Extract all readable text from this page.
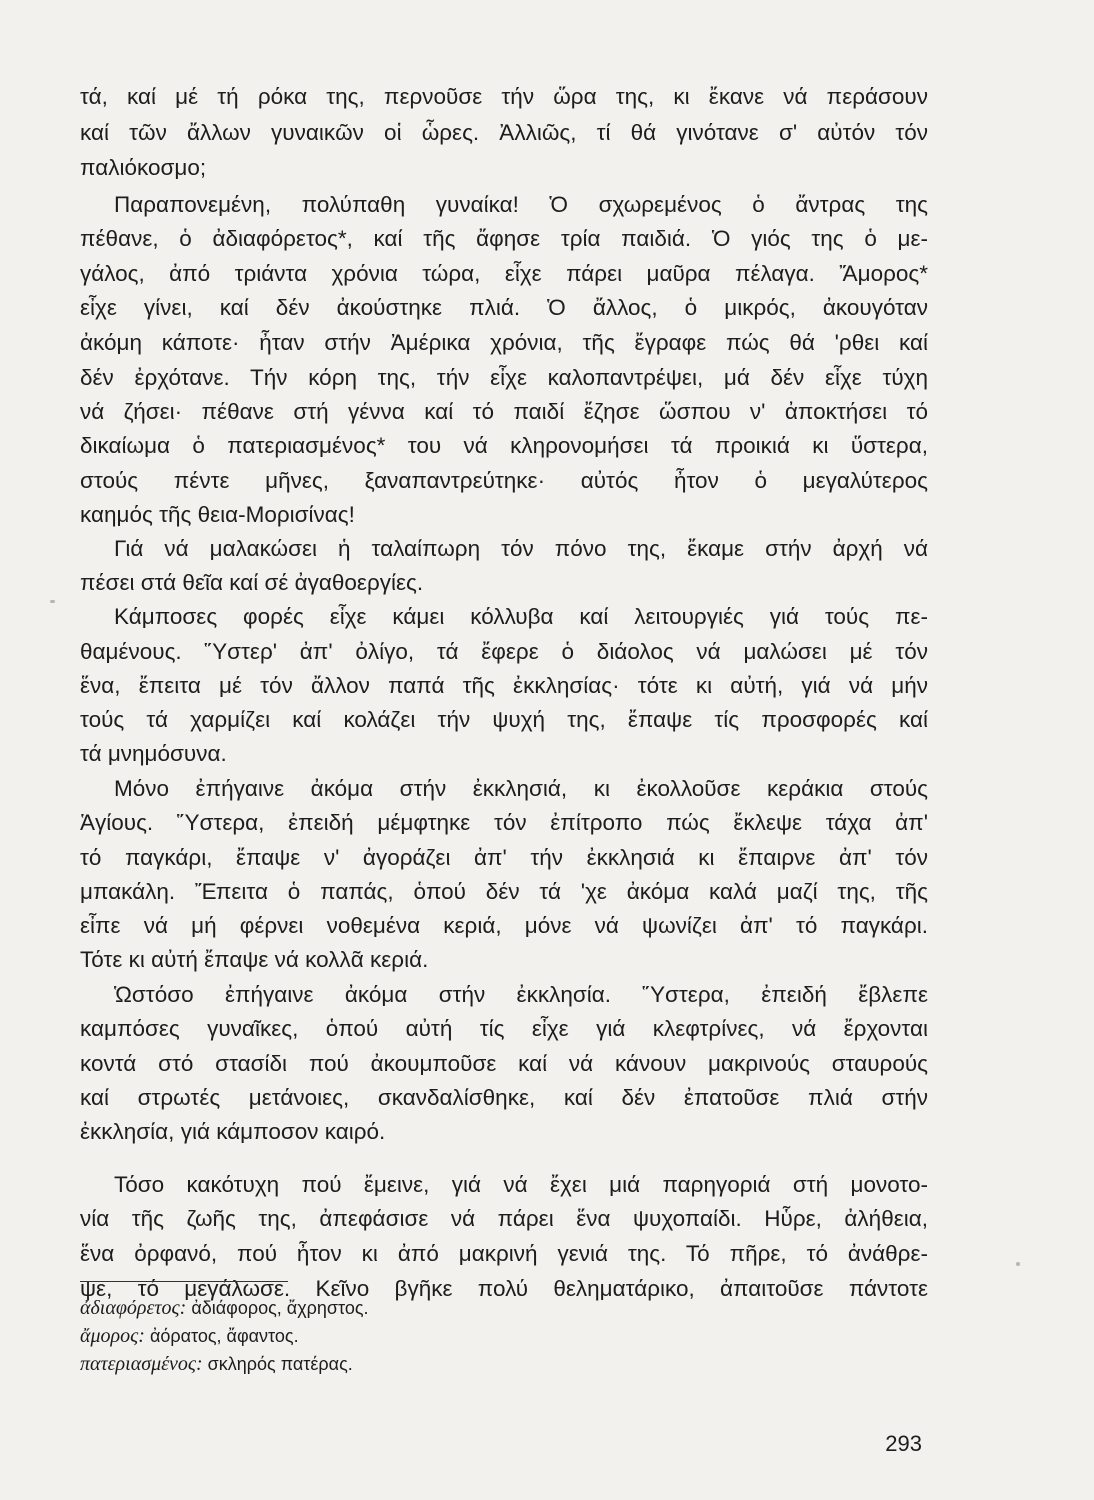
τά, καί μέ τή ρόκα της, περνοῦσε τήν ὥρα της, κι ἔκανε νά περάσουν
καί τῶν ἄλλων γυναικῶν οἱ ὧρες. Ἀλλιῶς, τί θά γινότανε σ' αὐτόν τόν
παλιόκοσμο;
Παραπονεμένη, πολύπαθη γυναίκα! Ὁ σχωρεμένος ὁ ἄντρας της
πέθανε, ὁ ἀδιαφόρετος*, καί τῆς ἄφησε τρία παιδιά. Ὁ γιός της ὁ με-
γάλος, ἀπό τριάντα χρόνια τώρα, εἶχε πάρει μαῦρα πέλαγα. Ἄμορος*
εἶχε γίνει, καί δέν ἀκούστηκε πλιά. Ὁ ἄλλος, ὁ μικρός, ἀκουγόταν
ἀκόμη κάποτε· ἦταν στήν Ἀμέρικα χρόνια, τῆς ἔγραφε πώς θά 'ρθει καί
δέν ἐρχότανε. Τήν κόρη της, τήν εἶχε καλοπαντρέψει, μά δέν εἶχε τύχη
νά ζήσει· πέθανε στή γέννα καί τό παιδί ἔζησε ὥσπου ν' ἀποκτήσει τό
δικαίωμα ὁ πατεριασμένος* του νά κληρονομήσει τά προικιά κι ὕστερα,
στούς πέντε μῆνες, ξαναπαντρεύτηκε· αὐτός ἦτον ὁ μεγαλύτερος
καημός τῆς θεια-Μορισίνας!
Γιά νά μαλακώσει ἡ ταλαίπωρη τόν πόνο της, ἔκαμε στήν ἀρχή νά
πέσει στά θεῖα καί σέ ἀγαθοεργίες.
Κάμποσες φορές εἶχε κάμει κόλλυβα καί λειτουργιές γιά τούς πε-
θαμένους. Ὕστερ' ἀπ' ὀλίγο, τά ἔφερε ὁ διάολος νά μαλώσει μέ τόν
ἕνα, ἔπειτα μέ τόν ἄλλον παπά τῆς ἐκκλησίας· τότε κι αὐτή, γιά νά μήν
τούς τά χαρμίζει καί κολάζει τήν ψυχή της, ἔπαψε τίς προσφορές καί
τά μνημόσυνα.
Μόνο ἐπήγαινε ἀκόμα στήν ἐκκλησιά, κι ἐκολλοῦσε κεράκια στούς
Ἁγίους. Ὕστερα, ἐπειδή μέμφτηκε τόν ἐπίτροπο πώς ἔκλεψε τάχα ἀπ'
τό παγκάρι, ἔπαψε ν' ἀγοράζει ἀπ' τήν ἐκκλησιά κι ἔπαιρνε ἀπ' τόν
μπακάλη. Ἔπειτα ὁ παπάς, ὁπού δέν τά 'χε ἀκόμα καλά μαζί της, τῆς
εἶπε νά μή φέρνει νοθεμένα κεριά, μόνε νά ψωνίζει ἀπ' τό παγκάρι.
Τότε κι αὐτή ἔπαψε νά κολλᾶ κεριά.
Ὡστόσο ἐπήγαινε ἀκόμα στήν ἐκκλησία. Ὕστερα, ἐπειδή ἔβλεπε
καμπόσες γυναῖκες, ὁπού αὐτή τίς εἶχε γιά κλεφτρίνες, νά ἔρχονται
κοντά στό στασίδι πού ἀκουμποῦσε καί νά κάνουν μακρινούς σταυρούς
καί στρωτές μετάνοιες, σκανδαλίσθηκε, καί δέν ἐπατοῦσε πλιά στήν
ἐκκλησία, γιά κάμποσον καιρό.
Τόσο κακότυχη πού ἔμεινε, γιά νά ἔχει μιά παρηγοριά στή μονοτο-
νία τῆς ζωῆς της, ἀπεφάσισε νά πάρει ἕνα ψυχοπαίδι. Ηὗρε, ἀλήθεια,
ἕνα ὀρφανό, πού ἦτον κι ἀπό μακρινή γενιά της. Τό πῆρε, τό ἀνάθρε-
ψε, τό μεγάλωσε. Κεῖνο βγῆκε πολύ θεληματάρικο, ἀπαιτοῦσε πάντοτε
ἀδιαφόρετος: ἀδιάφορος, ἄχρηστος.
ἄμορος: ἀόρατος, ἄφαντος.
πατεριασμένος: σκληρός πατέρας.
293
